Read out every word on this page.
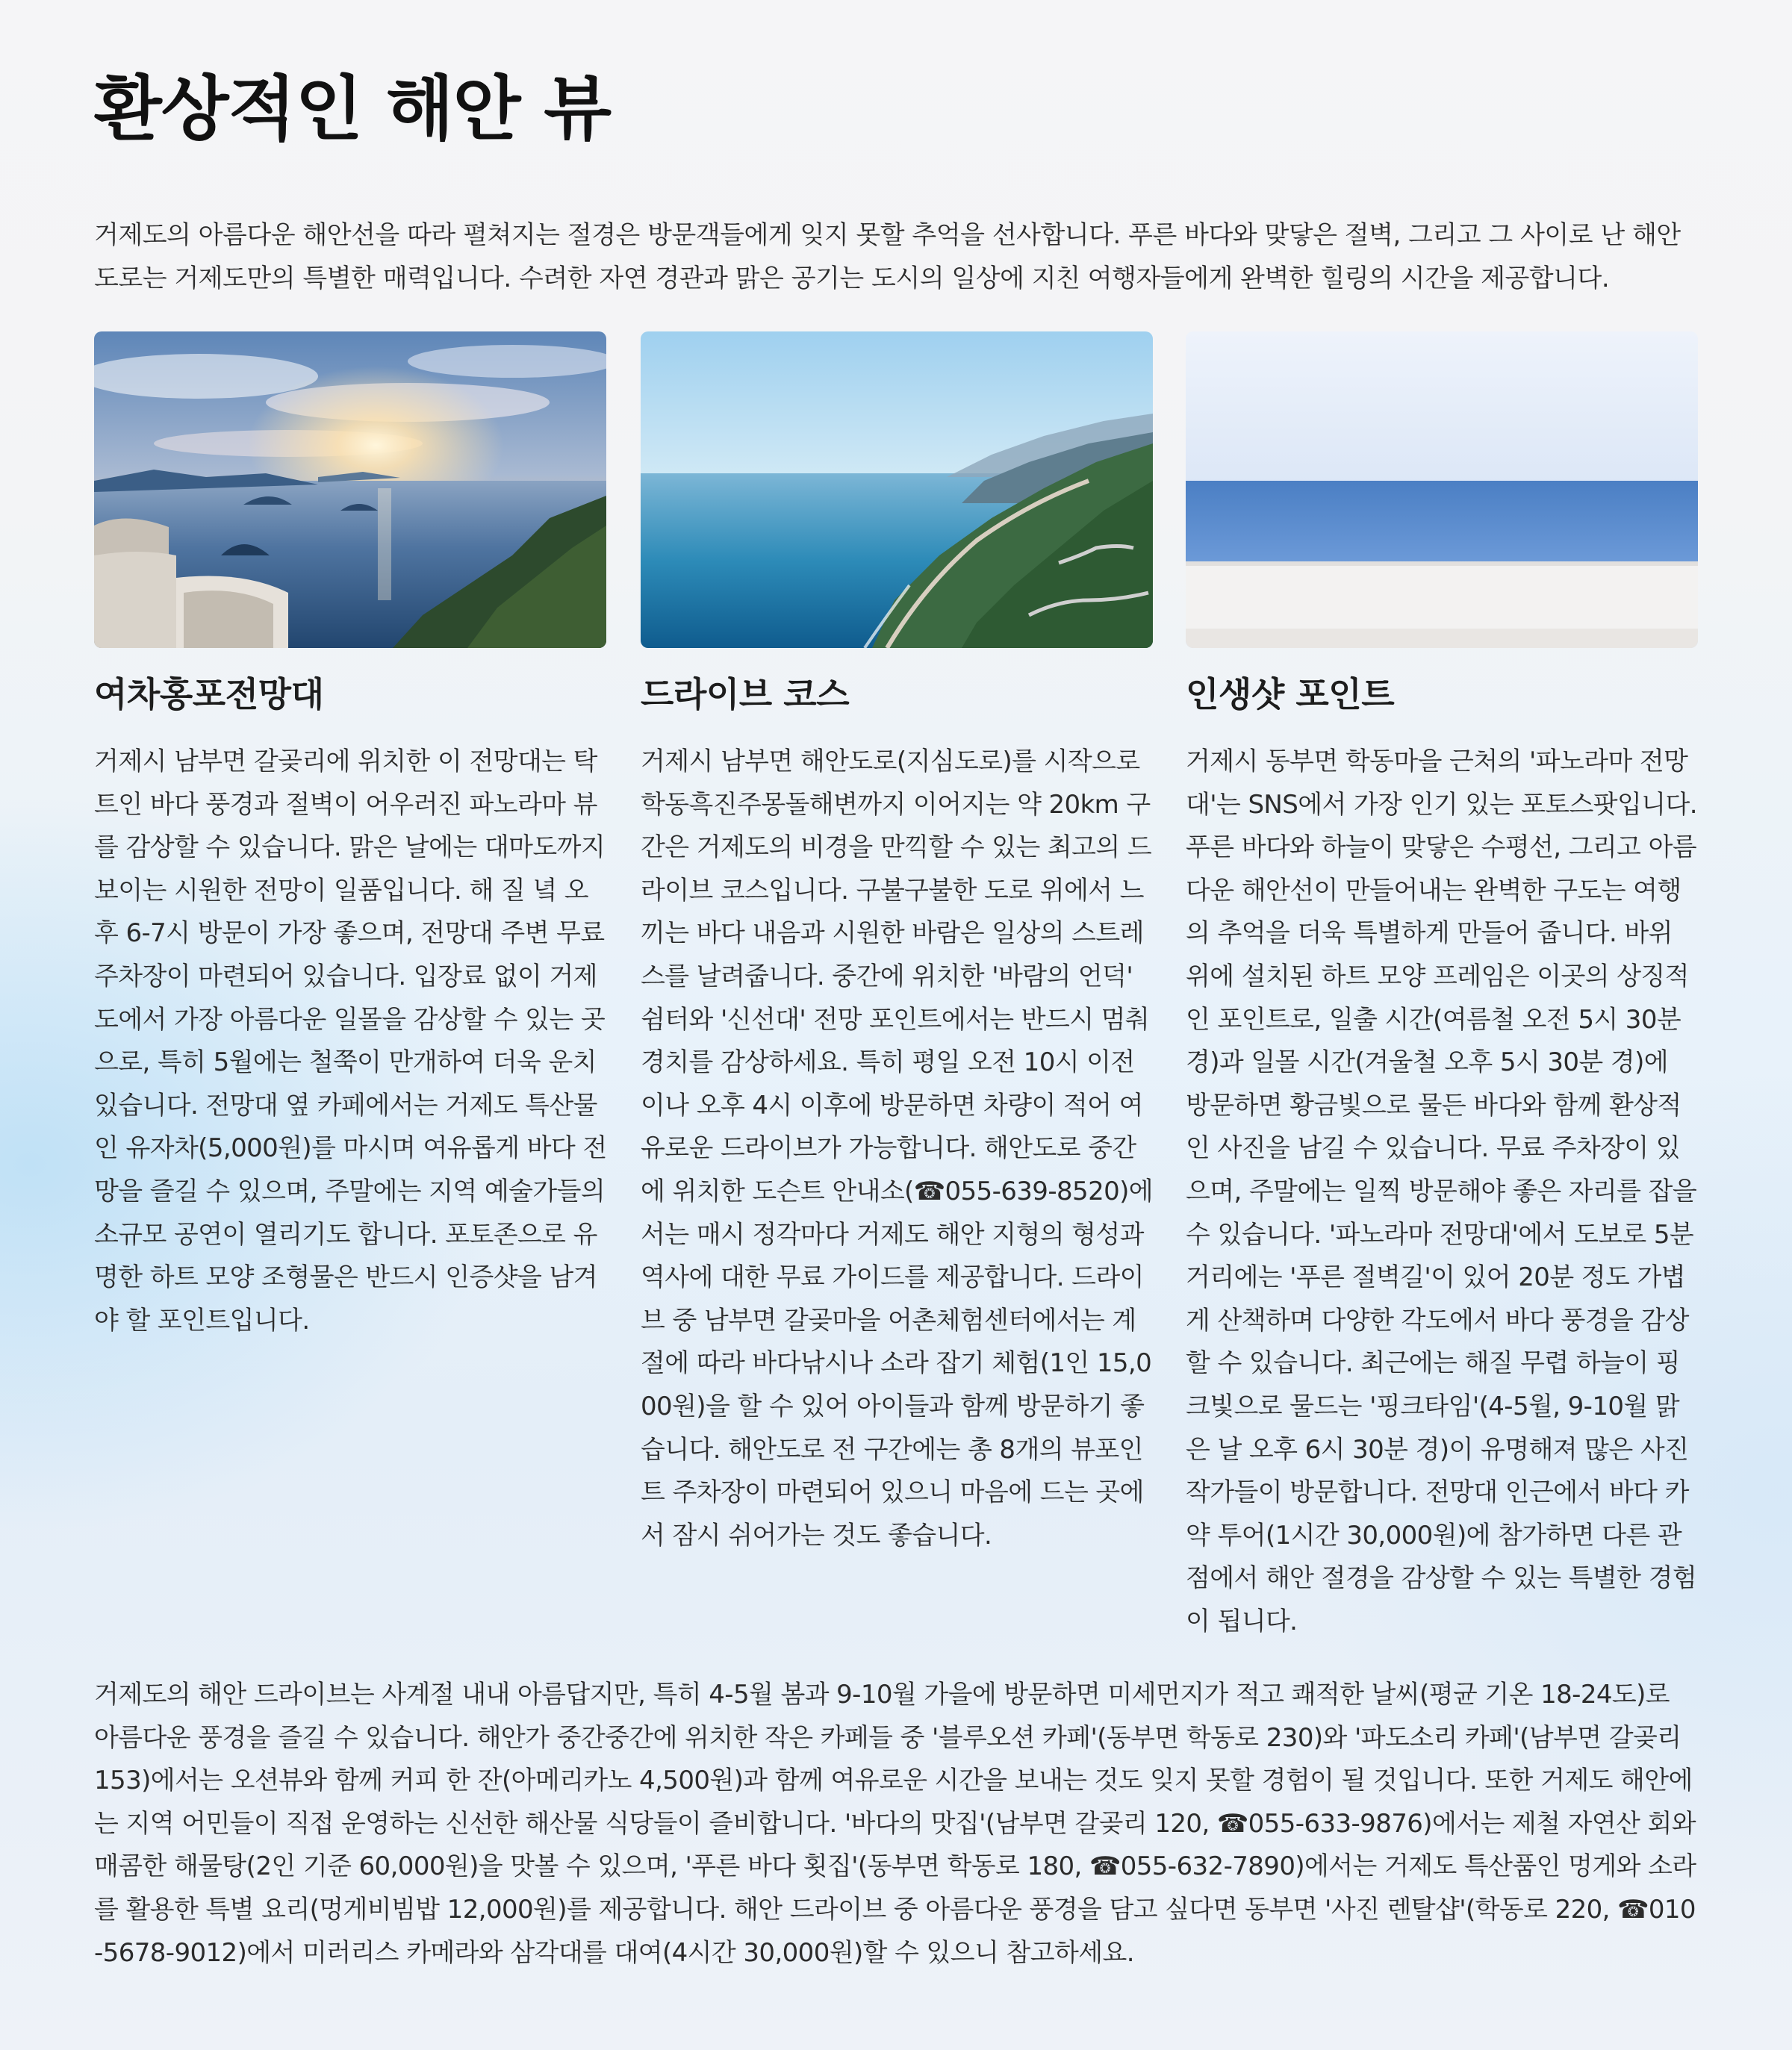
환상적인 해안 뷰

거제도의 아름다운 해안선을 따라 펼쳐지는 절경은 방문객들에게 잊지 못할 추억을 선사합니다. 푸른 바다와 맞닿은 절벽, 그리고 그 사이로 난 해안도로는 거제도만의 특별한 매력입니다. 수려한 자연 경관과 맑은 공기는 도시의 일상에 지친 여행자들에게 완벽한 힐링의 시간을 제공합니다.

여차홍포전망대

거제시 남부면 갈곶리에 위치한 이 전망대는 탁 트인 바다 풍경과 절벽이 어우러진 파노라마 뷰를 감상할 수 있습니다. 맑은 날에는 대마도까지 보이는 시원한 전망이 일품입니다. 해 질 녘 오후 6-7시 방문이 가장 좋으며, 전망대 주변 무료 주차장이 마련되어 있습니다. 입장료 없이 거제도에서 가장 아름다운 일몰을 감상할 수 있는 곳으로, 특히 5월에는 철쭉이 만개하여 더욱 운치 있습니다. 전망대 옆 카페에서는 거제도 특산물인 유자차(5,000원)를 마시며 여유롭게 바다 전망을 즐길 수 있으며, 주말에는 지역 예술가들의 소규모 공연이 열리기도 합니다. 포토존으로 유명한 하트 모양 조형물은 반드시 인증샷을 남겨야 할 포인트입니다.

드라이브 코스

거제시 남부면 해안도로(지심도로)를 시작으로 학동흑진주몽돌해변까지 이어지는 약 20km 구간은 거제도의 비경을 만끽할 수 있는 최고의 드라이브 코스입니다. 구불구불한 도로 위에서 느끼는 바다 내음과 시원한 바람은 일상의 스트레스를 날려줍니다. 중간에 위치한 '바람의 언덕' 쉼터와 '신선대' 전망 포인트에서는 반드시 멈춰 경치를 감상하세요. 특히 평일 오전 10시 이전이나 오후 4시 이후에 방문하면 차량이 적어 여유로운 드라이브가 가능합니다. 해안도로 중간에 위치한 도슨트 안내소(☎055-639-8520)에서는 매시 정각마다 거제도 해안 지형의 형성과 역사에 대한 무료 가이드를 제공합니다. 드라이브 중 남부면 갈곶마을 어촌체험센터에서는 계절에 따라 바다낚시나 소라 잡기 체험(1인 15,000원)을 할 수 있어 아이들과 함께 방문하기 좋습니다. 해안도로 전 구간에는 총 8개의 뷰포인트 주차장이 마련되어 있으니 마음에 드는 곳에서 잠시 쉬어가는 것도 좋습니다.

인생샷 포인트

거제시 동부면 학동마을 근처의 '파노라마 전망대'는 SNS에서 가장 인기 있는 포토스팟입니다. 푸른 바다와 하늘이 맞닿은 수평선, 그리고 아름다운 해안선이 만들어내는 완벽한 구도는 여행의 추억을 더욱 특별하게 만들어 줍니다. 바위 위에 설치된 하트 모양 프레임은 이곳의 상징적인 포인트로, 일출 시간(여름철 오전 5시 30분 경)과 일몰 시간(겨울철 오후 5시 30분 경)에 방문하면 황금빛으로 물든 바다와 함께 환상적인 사진을 남길 수 있습니다. 무료 주차장이 있으며, 주말에는 일찍 방문해야 좋은 자리를 잡을 수 있습니다. '파노라마 전망대'에서 도보로 5분 거리에는 '푸른 절벽길'이 있어 20분 정도 가볍게 산책하며 다양한 각도에서 바다 풍경을 감상할 수 있습니다. 최근에는 해질 무렵 하늘이 핑크빛으로 물드는 '핑크타임'(4-5월, 9-10월 맑은 날 오후 6시 30분 경)이 유명해져 많은 사진작가들이 방문합니다. 전망대 인근에서 바다 카약 투어(1시간 30,000원)에 참가하면 다른 관점에서 해안 절경을 감상할 수 있는 특별한 경험이 됩니다.

거제도의 해안 드라이브는 사계절 내내 아름답지만, 특히 4-5월 봄과 9-10월 가을에 방문하면 미세먼지가 적고 쾌적한 날씨(평균 기온 18-24도)로 아름다운 풍경을 즐길 수 있습니다. 해안가 중간중간에 위치한 작은 카페들 중 '블루오션 카페'(동부면 학동로 230)와 '파도소리 카페'(남부면 갈곶리 153)에서는 오션뷰와 함께 커피 한 잔(아메리카노 4,500원)과 함께 여유로운 시간을 보내는 것도 잊지 못할 경험이 될 것입니다. 또한 거제도 해안에는 지역 어민들이 직접 운영하는 신선한 해산물 식당들이 즐비합니다. '바다의 맛집'(남부면 갈곶리 120, ☎055-633-9876)에서는 제철 자연산 회와 매콤한 해물탕(2인 기준 60,000원)을 맛볼 수 있으며, '푸른 바다 횟집'(동부면 학동로 180, ☎055-632-7890)에서는 거제도 특산품인 멍게와 소라를 활용한 특별 요리(멍게비빔밥 12,000원)를 제공합니다. 해안 드라이브 중 아름다운 풍경을 담고 싶다면 동부면 '사진 렌탈샵'(학동로 220, ☎010-5678-9012)에서 미러리스 카메라와 삼각대를 대여(4시간 30,000원)할 수 있으니 참고하세요.
